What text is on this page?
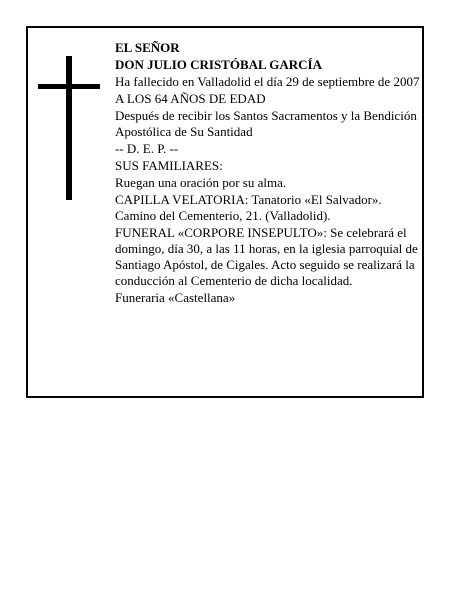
EL SEÑOR
DON JULIO CRISTÓBAL GARCÍA
Ha fallecido en Valladolid el día 29 de septiembre de 2007
A LOS 64 AÑOS DE EDAD
Después de recibir los Santos Sacramentos y la Bendición Apostólica de Su Santidad
-- D. E. P. --
SUS FAMILIARES:
Ruegan una oración por su alma.
CAPILLA VELATORIA: Tanatorio «El Salvador». Camino del Cementerio, 21. (Valladolid).
FUNERAL «CORPORE INSEPULTO»: Se celebrará el domingo, día 30, a las 11 horas, en la iglesia parroquial de Santiago Apóstol, de Cigales. Acto seguido se realizará la conducción al Cementerio de dicha localidad.
Funeraria «Castellana»
